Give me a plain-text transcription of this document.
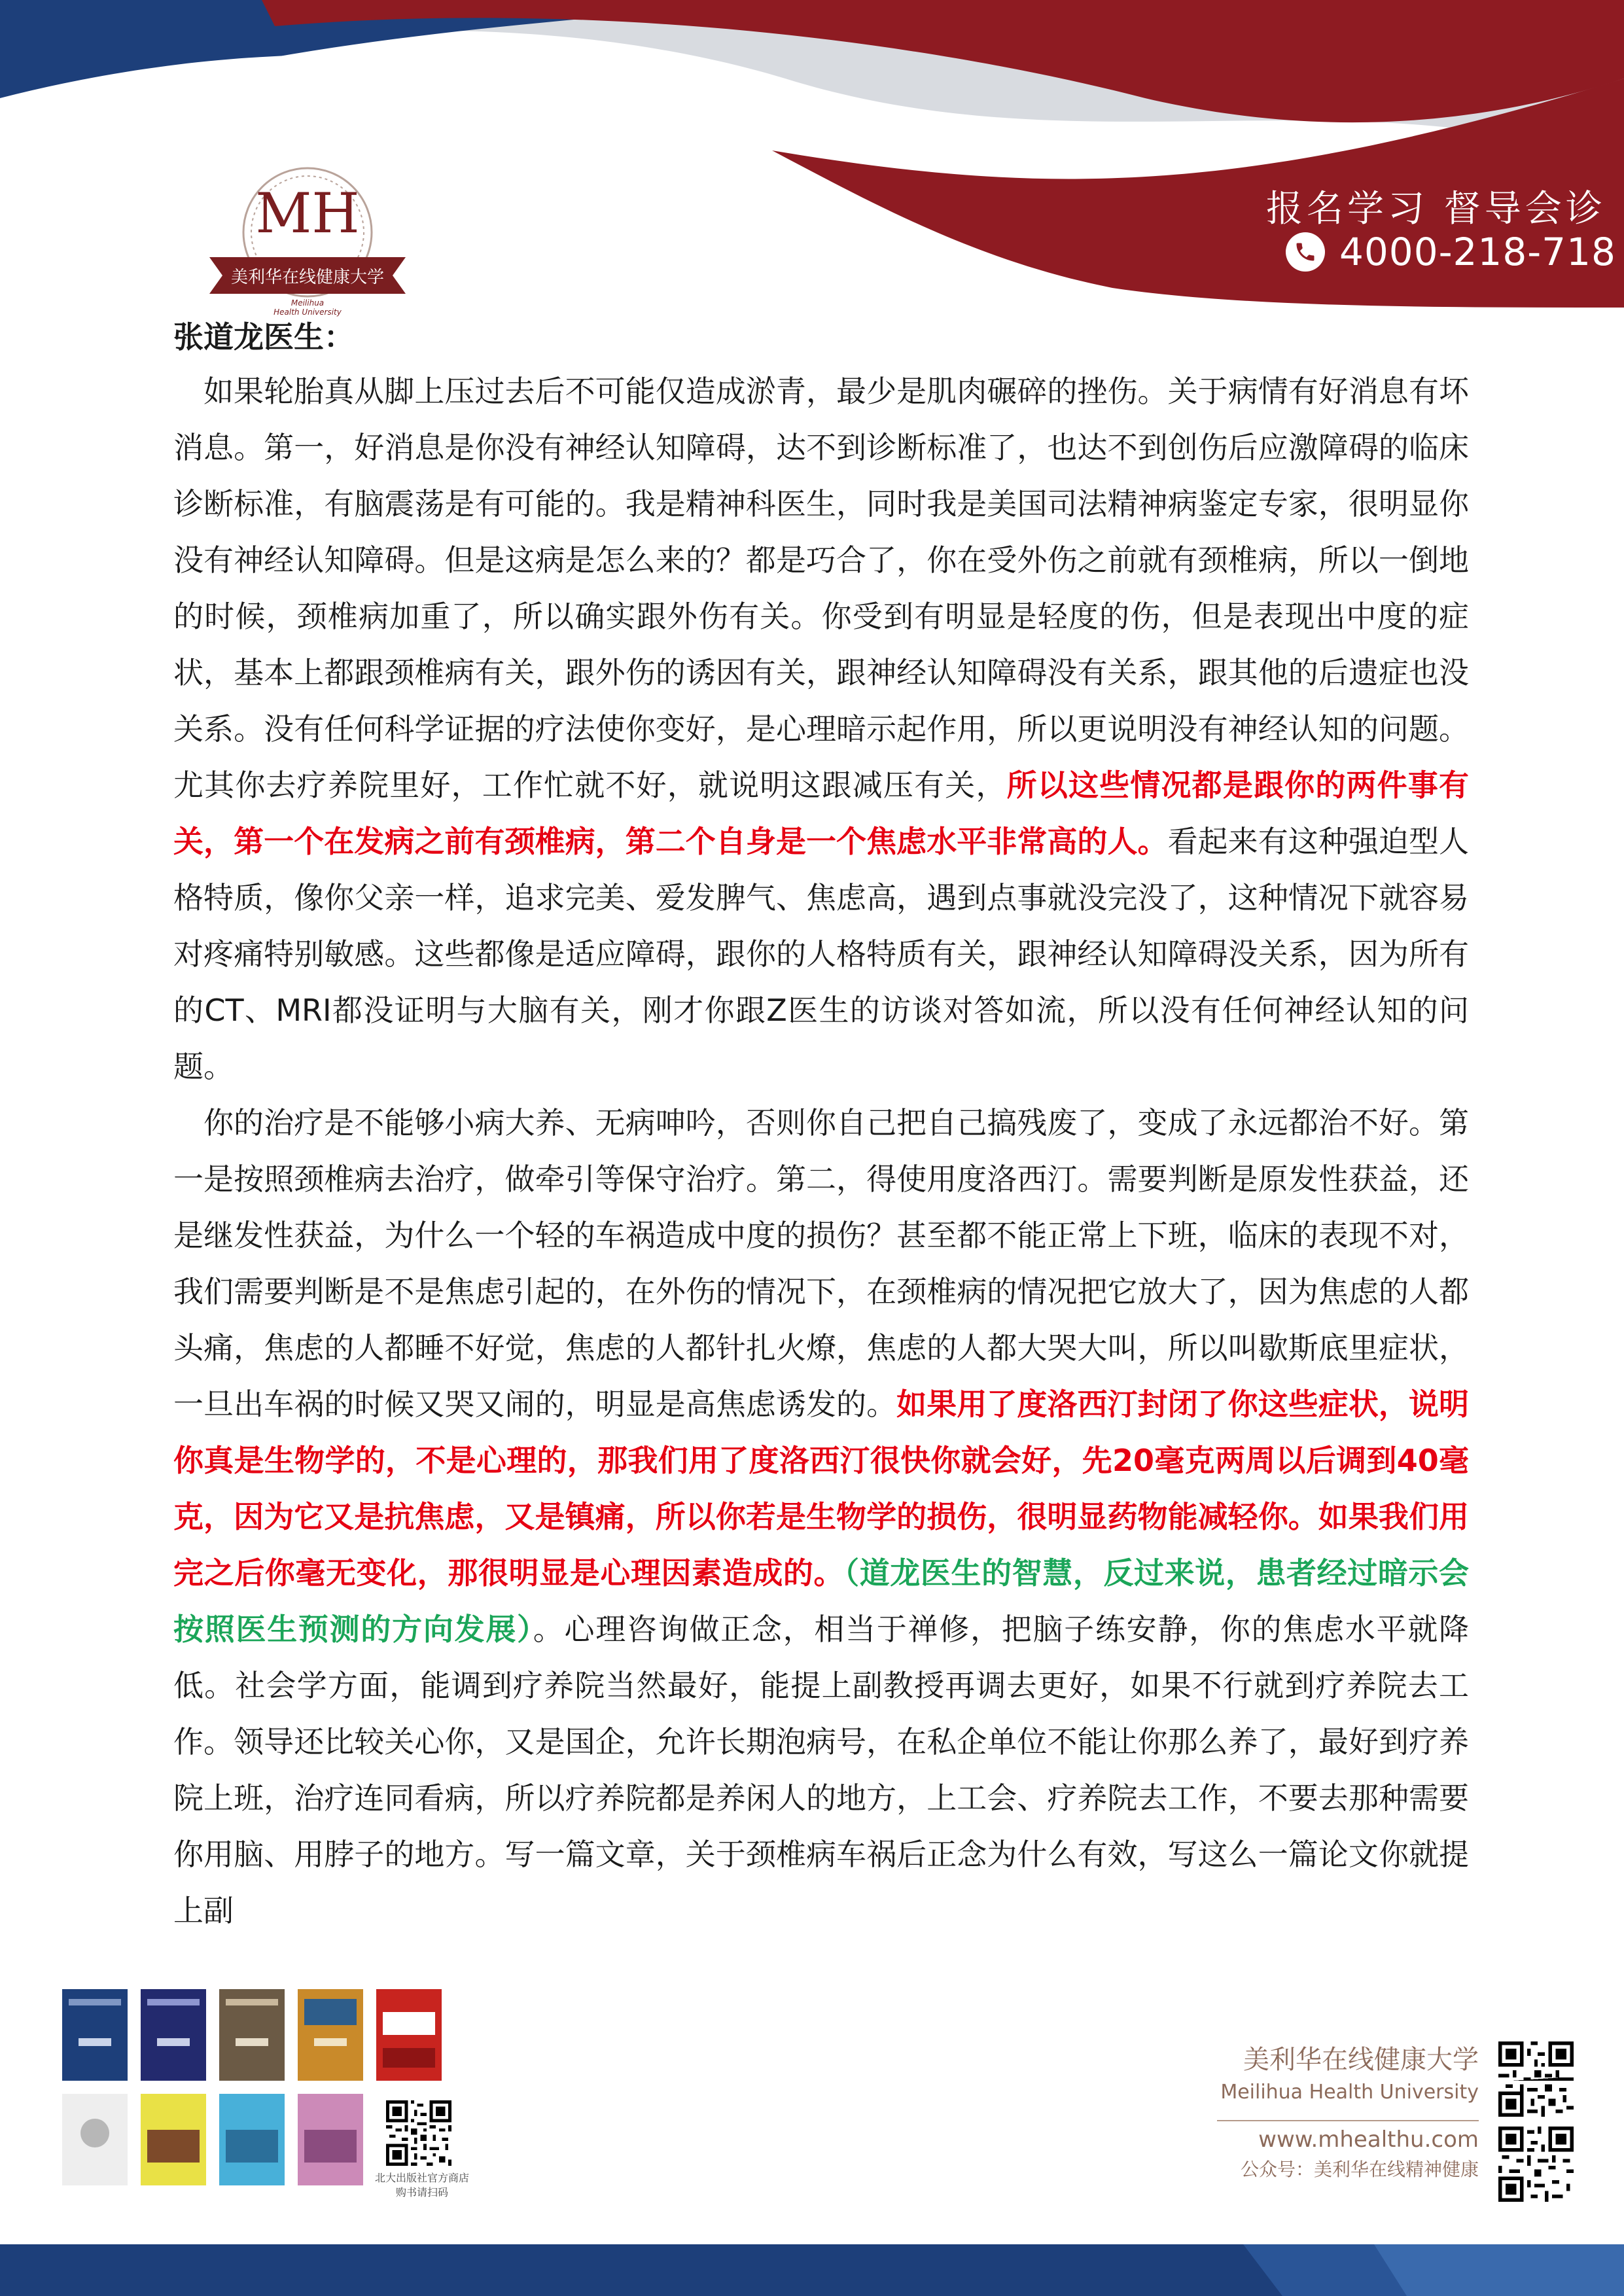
MH
美利华在线健康大学
Meilihua
Health University
报名学习 督导会诊
4000-218-718
张道龙医生：

如果轮胎真从脚上压过去后不可能仅造成淤青，最少是肌肉碾碎的挫伤。关于病情有好消息有坏消息。第一，好消息是你没有神经认知障碍，达不到诊断标准了，也达不到创伤后应激障碍的临床诊断标准，有脑震荡是有可能的。我是精神科医生，同时我是美国司法精神病鉴定专家，很明显你没有神经认知障碍。但是这病是怎么来的？都是巧合了，你在受外伤之前就有颈椎病，所以一倒地的时候，颈椎病加重了，所以确实跟外伤有关。你受到有明显是轻度的伤，但是表现出中度的症状，基本上都跟颈椎病有关，跟外伤的诱因有关，跟神经认知障碍没有关系，跟其他的后遗症也没关系。没有任何科学证据的疗法使你变好，是心理暗示起作用，所以更说明没有神经认知的问题。尤其你去疗养院里好，工作忙就不好，就说明这跟减压有关，所以这些情况都是跟你的两件事有关，第一个在发病之前有颈椎病，第二个自身是一个焦虑水平非常高的人。看起来有这种强迫型人格特质，像你父亲一样，追求完美、爱发脾气、焦虑高，遇到点事就没完没了，这种情况下就容易对疼痛特别敏感。这些都像是适应障碍，跟你的人格特质有关，跟神经认知障碍没关系，因为所有的CT、MRI都没证明与大脑有关，刚才你跟Z医生的访谈对答如流，所以没有任何神经认知的问题。

你的治疗是不能够小病大养、无病呻吟，否则你自己把自己搞残废了，变成了永远都治不好。第一是按照颈椎病去治疗，做牵引等保守治疗。第二，得使用度洛西汀。需要判断是原发性获益，还是继发性获益，为什么一个轻的车祸造成中度的损伤？甚至都不能正常上下班，临床的表现不对，我们需要判断是不是焦虑引起的，在外伤的情况下，在颈椎病的情况把它放大了，因为焦虑的人都头痛，焦虑的人都睡不好觉，焦虑的人都针扎火燎，焦虑的人都大哭大叫，所以叫歇斯底里症状，一旦出车祸的时候又哭又闹的，明显是高焦虑诱发的。如果用了度洛西汀封闭了你这些症状，说明你真是生物学的，不是心理的，那我们用了度洛西汀很快你就会好，先20毫克两周以后调到40毫克，因为它又是抗焦虑，又是镇痛，所以你若是生物学的损伤，很明显药物能减轻你。如果我们用完之后你毫无变化，那很明显是心理因素造成的。（道龙医生的智慧，反过来说，患者经过暗示会按照医生预测的方向发展）。心理咨询做正念，相当于禅修，把脑子练安静，你的焦虑水平就降低。社会学方面，能调到疗养院当然最好，能提上副教授再调去更好，如果不行就到疗养院去工作。领导还比较关心你，又是国企，允许长期泡病号，在私企单位不能让你那么养了，最好到疗养院上班，治疗连同看病，所以疗养院都是养闲人的地方，上工会、疗养院去工作，不要去那种需要你用脑、用脖子的地方。写一篇文章，关于颈椎病车祸后正念为什么有效，写这么一篇论文你就提上副

北大出版社官方商店
购书请扫码
美利华在线健康大学
Meilihua Health University
www.mhealthu.com
公众号：美利华在线精神健康
